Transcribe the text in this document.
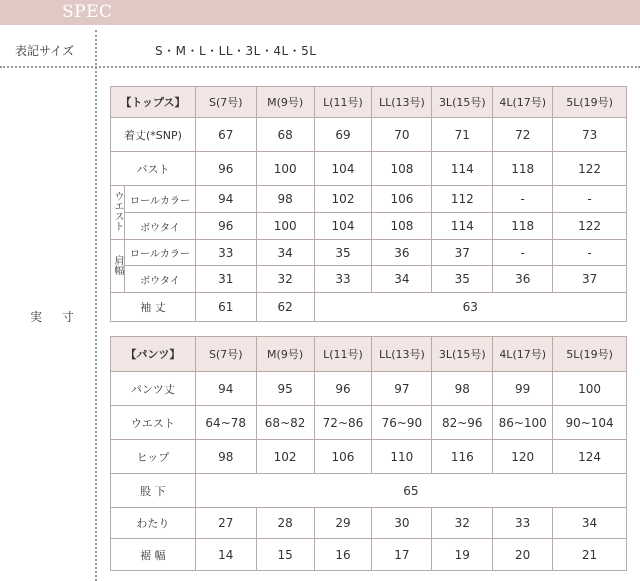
SPEC
表記サイズ	S・M・L・LL・3L・4L・5L
実 寸
【トップス】		S(7号)	M(9号)	L(11号)	LL(13号)	3L(15号)	4L(17号)	5L(19号)
着丈(*SNP)		67	68	69	70	71	72	73
バスト		96	100	104	108	114	118	122
ウエスト	ロールカラー	94	98	102	106	112	-	-
	ボウタイ	96	100	104	108	114	118	122
肩幅	ロールカラー	33	34	35	36	37	-	-
	ボウタイ	31	32	33	34	35	36	37
袖 丈		61	62	63				
【パンツ】	S(7号)	M(9号)	L(11号)	LL(13号)	3L(15号)	4L(17号)	5L(19号)
パンツ丈	94	95	96	97	98	99	100
ウエスト	64~78	68~82	72~86	76~90	82~96	86~100	90~104
ヒップ	98	102	106	110	116	120	124
股 下	65						
わたり	27	28	29	30	32	33	34
裾 幅	14	15	16	17	19	20	21
